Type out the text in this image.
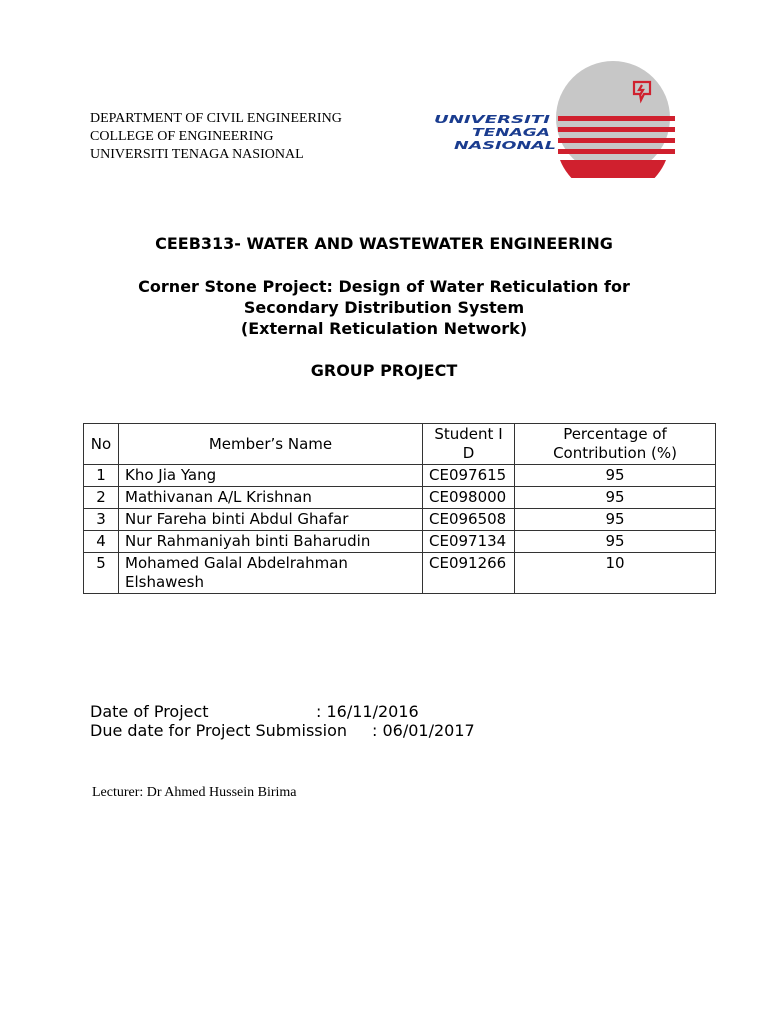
DEPARTMENT OF CIVIL ENGINEERING
COLLEGE OF ENGINEERING
UNIVERSITI TENAGA NASIONAL
UNIVERSITI
TENAGA
NASIONAL
CEEB313- WATER AND WASTEWATER ENGINEERING
Corner Stone Project: Design of Water Reticulation for
Secondary Distribution System
(External Reticulation Network)
GROUP PROJECT
No	Member’s Name	Student ID	Percentage of Contribution (%)
1	Kho Jia Yang	CE097615	95
2	Mathivanan A/L Krishnan	CE098000	95
3	Nur Fareha binti Abdul Ghafar	CE096508	95
4	Nur Rahmaniyah binti Baharudin	CE097134	95
5	Mohamed Galal Abdelrahman Elshawesh	CE091266	10
Date of Project	: 16/11/2016
Due date for Project Submission : 06/01/2017
Lecturer: Dr Ahmed Hussein Birima
